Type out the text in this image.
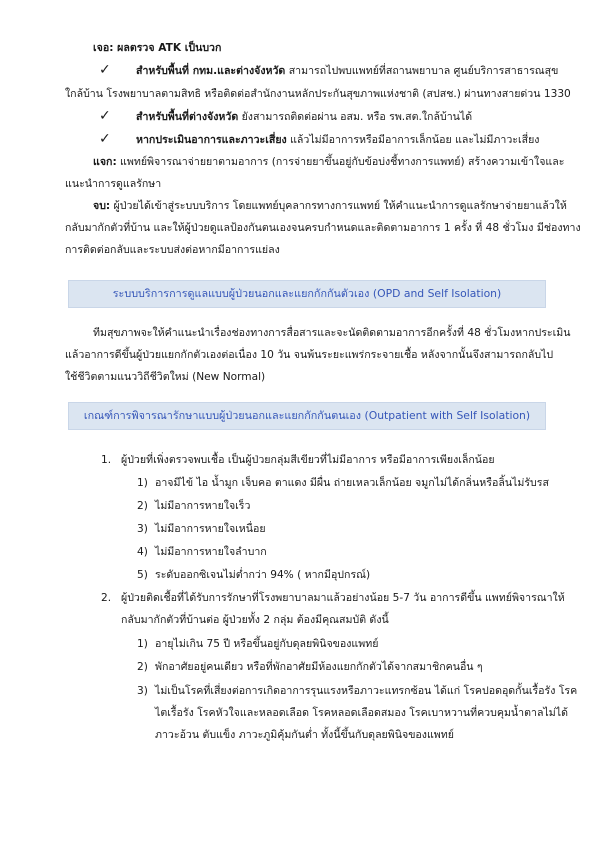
เจอ: ผลตรวจ ATK เป็นบวก
✓ สำหรับพื้นที่ กทม.และต่างจังหวัด สามารถไปพบแพทย์ที่สถานพยาบาล ศูนย์บริการสาธารณสุข
ใกล้บ้าน โรงพยาบาลตามสิทธิ หรือติดต่อสำนักงานหลักประกันสุขภาพแห่งชาติ (สปสช.) ผ่านทางสายด่วน 1330
✓ สำหรับพื้นที่ต่างจังหวัด ยังสามารถติดต่อผ่าน อสม. หรือ รพ.สต.ใกล้บ้านได้
✓ หากประเมินอาการและภาวะเสี่ยง แล้วไม่มีอาการหรือมีอาการเล็กน้อย และไม่มีภาวะเสี่ยง
แจก: แพทย์พิจารณาจ่ายยาตามอาการ (การจ่ายยาขึ้นอยู่กับข้อบ่งชี้ทางการแพทย์) สร้างความเข้าใจและ
แนะนำการดูแลรักษา
จบ: ผู้ป่วยได้เข้าสู่ระบบบริการ โดยแพทย์บุคลากรทางการแพทย์ ให้คำแนะนำการดูแลรักษาจ่ายยาแล้วให้
กลับมากักตัวที่บ้าน และให้ผู้ป่วยดูแลป้องกันตนเองจนครบกำหนดและติดตามอาการ 1 ครั้ง ที่ 48 ชั่วโมง มีช่องทาง
การติดต่อกลับและระบบส่งต่อหากมีอาการแย่ลง
ระบบบริการการดูแลแบบผู้ป่วยนอกและแยกกักกันตัวเอง (OPD and Self Isolation)
ทีมสุขภาพจะให้คำแนะนำเรื่องช่องทางการสื่อสารและจะนัดติดตามอาการอีกครั้งที่ 48 ชั่วโมงหากประเมิน
แล้วอาการดีขึ้นผู้ป่วยแยกกักตัวเองต่อเนื่อง 10 วัน จนพ้นระยะแพร่กระจายเชื้อ หลังจากนั้นจึงสามารถกลับไป
ใช้ชีวิตตามแนววิถีชีวิตใหม่ (New Normal)
เกณฑ์การพิจารณารักษาแบบผู้ป่วยนอกและแยกกักกันตนเอง (Outpatient with Self Isolation)
1. ผู้ป่วยที่เพิ่งตรวจพบเชื้อ เป็นผู้ป่วยกลุ่มสีเขียวที่ไม่มีอาการ หรือมีอาการเพียงเล็กน้อย
1) อาจมีไข้ ไอ น้ำมูก เจ็บคอ ตาแดง มีผื่น ถ่ายเหลวเล็กน้อย จมูกไม่ได้กลิ่นหรือลิ้นไม่รับรส
2) ไม่มีอาการหายใจเร็ว
3) ไม่มีอาการหายใจเหนื่อย
4) ไม่มีอาการหายใจลำบาก
5) ระดับออกซิเจนไม่ต่ำกว่า 94% ( หากมีอุปกรณ์)
2. ผู้ป่วยติดเชื้อที่ได้รับการรักษาที่โรงพยาบาลมาแล้วอย่างน้อย 5-7 วัน อาการดีขึ้น แพทย์พิจารณาให้
กลับมากักตัวที่บ้านต่อ ผู้ป่วยทั้ง 2 กลุ่ม ต้องมีคุณสมบัติ ดังนี้
1) อายุไม่เกิน 75 ปี หรือขึ้นอยู่กับดุลยพินิจของแพทย์
2) พักอาศัยอยู่คนเดียว หรือที่พักอาศัยมีห้องแยกกักตัวได้จากสมาชิกคนอื่น ๆ
3) ไม่เป็นโรคที่เสี่ยงต่อการเกิดอาการรุนแรงหรือภาวะแทรกซ้อน ได้แก่ โรคปอดอุดกั้นเรื้อรัง โรค
ไตเรื้อรัง โรคหัวใจและหลอดเลือด โรคหลอดเลือดสมอง โรคเบาหวานที่ควบคุมน้ำตาลไม่ได้
ภาวะอ้วน ตับแข็ง ภาวะภูมิคุ้มกันต่ำ ทั้งนี้ขึ้นกับดุลยพินิจของแพทย์
